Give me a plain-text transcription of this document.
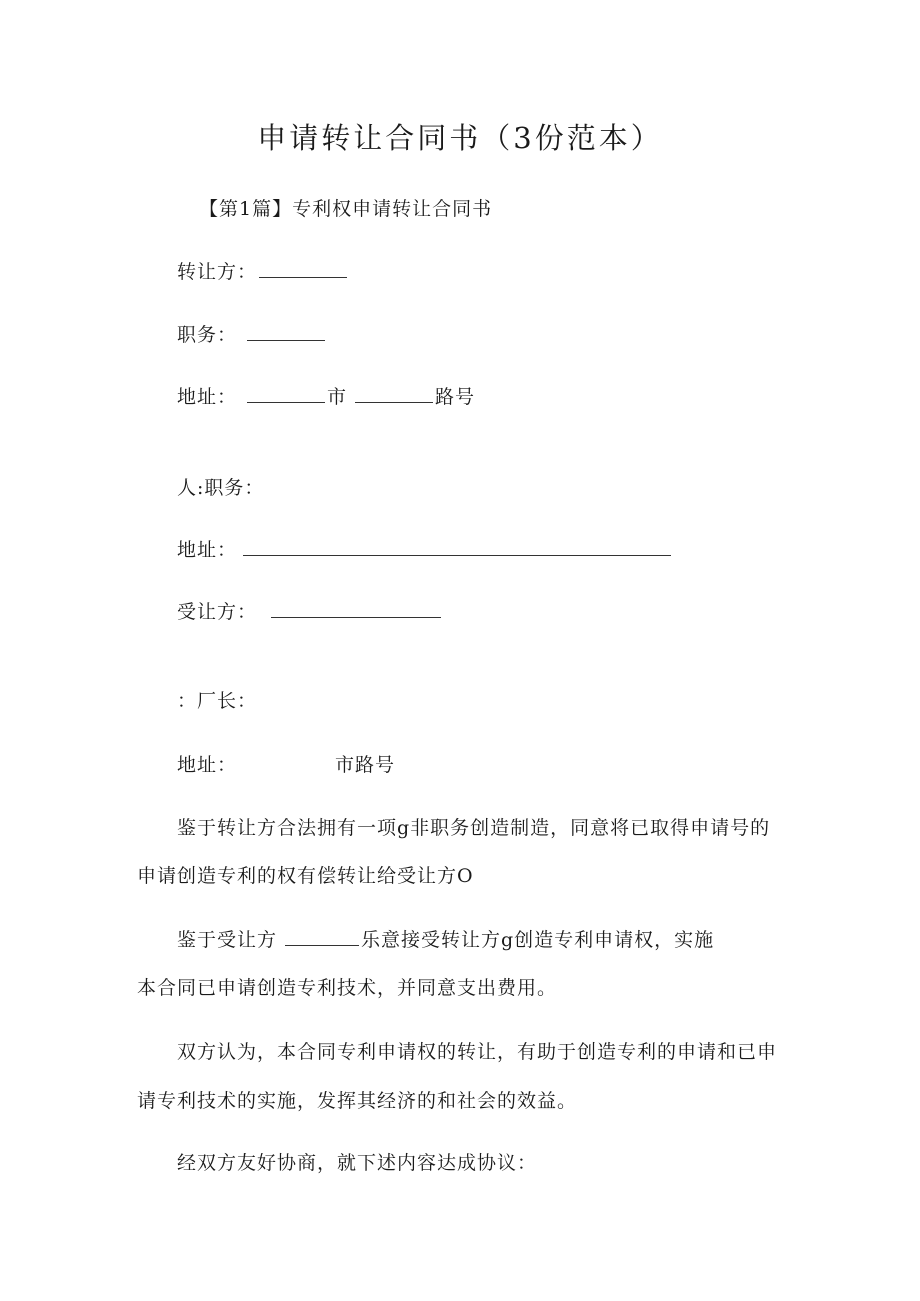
申请转让合同书（3份范本）
【第1篇】专利权申请转让合同书
转让方：
职务：
地址：	市	路号
人:职务：
地址：
受让方：
：厂长：
地址：	市路号
鉴于转让方合法拥有一项g非职务创造制造，同意将已取得申请号的
申请创造专利的权有偿转让给受让方O
鉴于受让方	乐意接受转让方g创造专利申请权，实施
本合同已申请创造专利技术，并同意支出费用。
双方认为，本合同专利申请权的转让，有助于创造专利的申请和已申
请专利技术的实施，发挥其经济的和社会的效益。
经双方友好协商，就下述内容达成协议：
